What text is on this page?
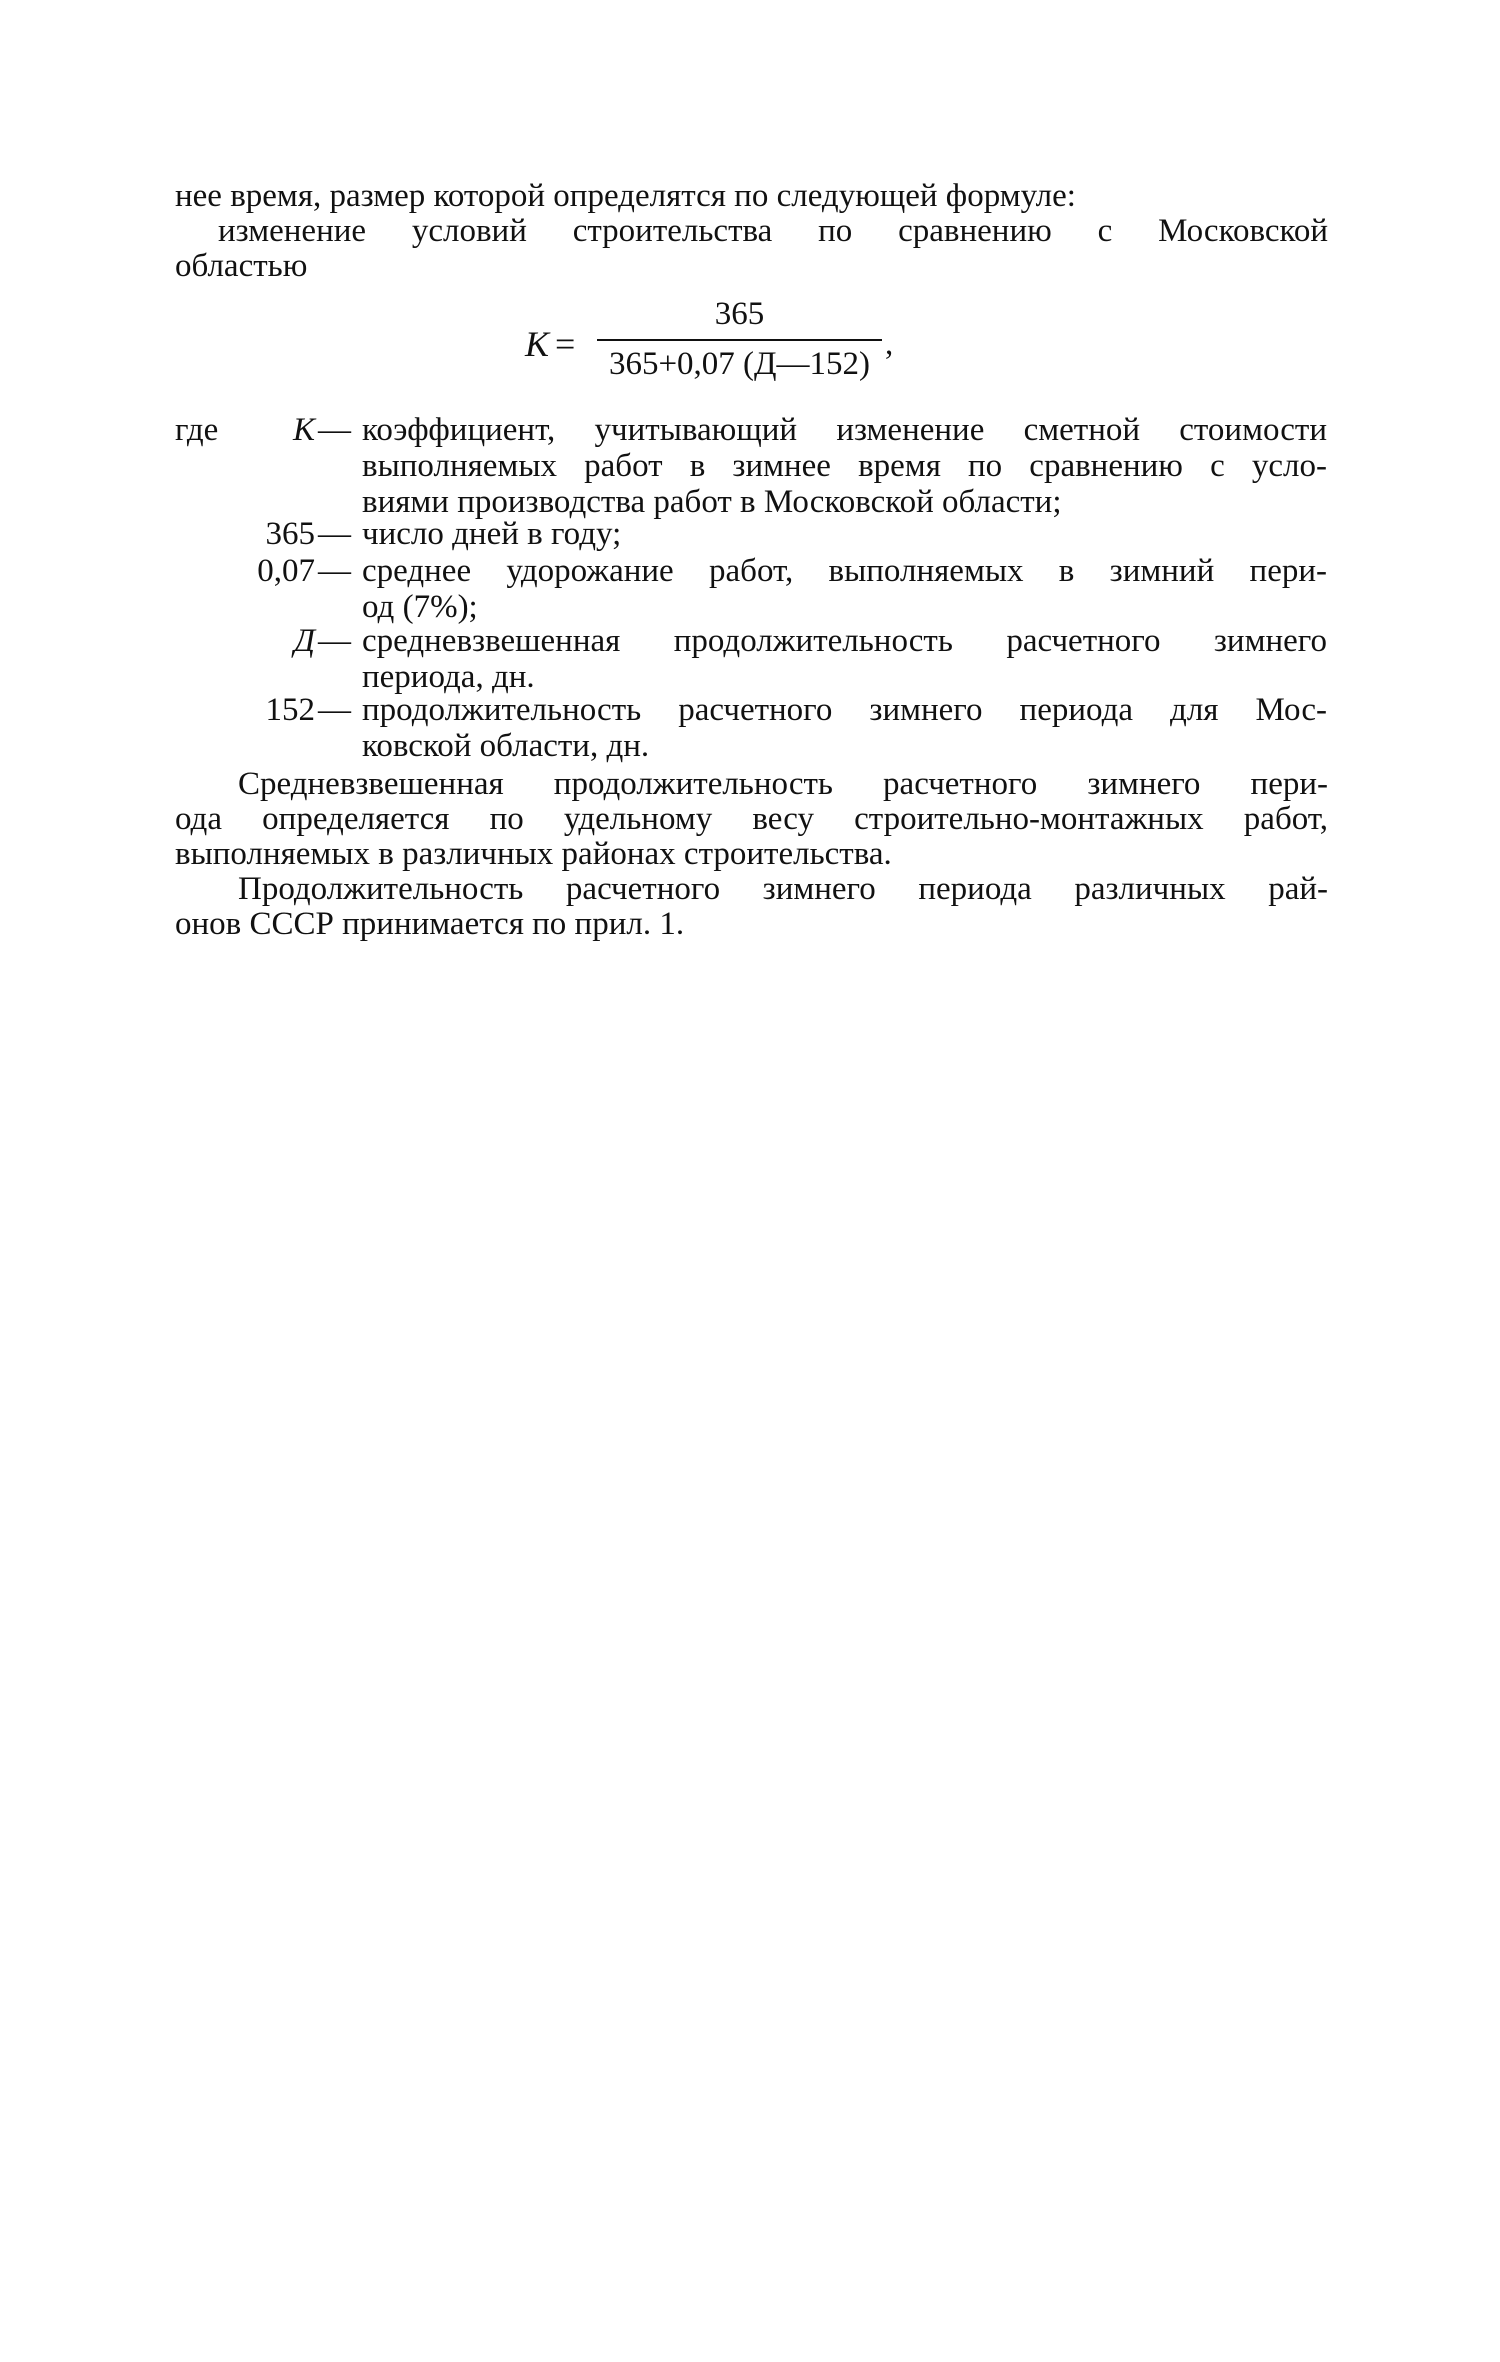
нее время, размер которой определятся по следующей формуле:
изменение условий строительства по сравнению с Московской
областью
K =
365
365+0,07 (Д—152)
,
где	K — коэффициент, учитывающий изменение сметной стоимости
выполняемых работ в зимнее время по сравнению с усло-
виями производства работ в Московской области;
365 — число дней в году;
0,07 — среднее удорожание работ, выполняемых в зимний пери-
од (7%);
Д — средневзвешенная продолжительность расчетного зимнего
периода, дн.
152 — продолжительность расчетного зимнего периода для Мос-
ковской области, дн.
Средневзвешенная продолжительность расчетного зимнего пери-
ода определяется по удельному весу строительно-монтажных работ,
выполняемых в различных районах строительства.
Продолжительность расчетного зимнего периода различных рай-
онов СССР принимается по прил. 1.
